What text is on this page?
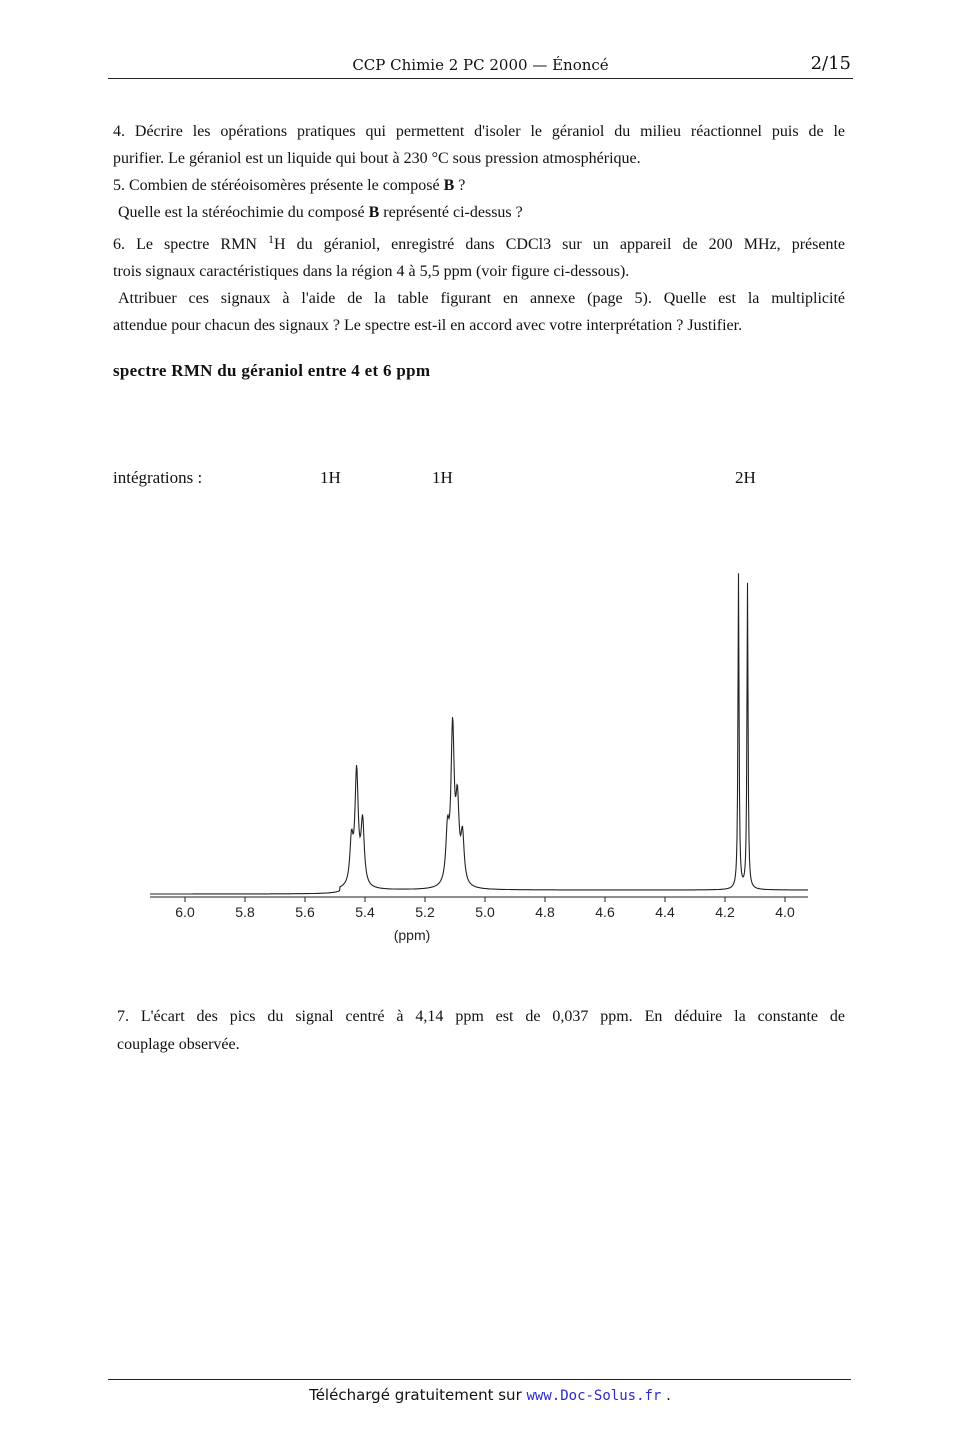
CCP Chimie 2 PC 2000 — Énoncé	2/15
4. Décrire les opérations pratiques qui permettent d'isoler le géraniol du milieu réactionnel puis de le
purifier. Le géraniol est un liquide qui bout à 230 °C sous pression atmosphérique.
5. Combien de stéréoisomères présente le composé B ?
Quelle est la stéréochimie du composé B représenté ci-dessus ?
6. Le spectre RMN $^1$H du géraniol, enregistré dans CDCl3 sur un appareil de 200 MHz, présente
trois signaux caractéristiques dans la région 4 à 5,5 ppm (voir figure ci-dessous).
Attribuer ces signaux à l'aide de la table figurant en annexe (page 5). Quelle est la multiplicité
attendue pour chacun des signaux ? Le spectre est-il en accord avec votre interprétation ? Justifier.
spectre RMN du géraniol entre 4 et 6 ppm
intégrations :	1H	1H	2H
6.0	5.8	5.6	5.4	5.2	5.0	4.8	4.6	4.4	4.2	4.0
(ppm)
7. L'écart des pics du signal centré à 4,14 ppm est de 0,037 ppm. En déduire la constante de
couplage observée.
Téléchargé gratuitement sur www.Doc-Solus.fr .
